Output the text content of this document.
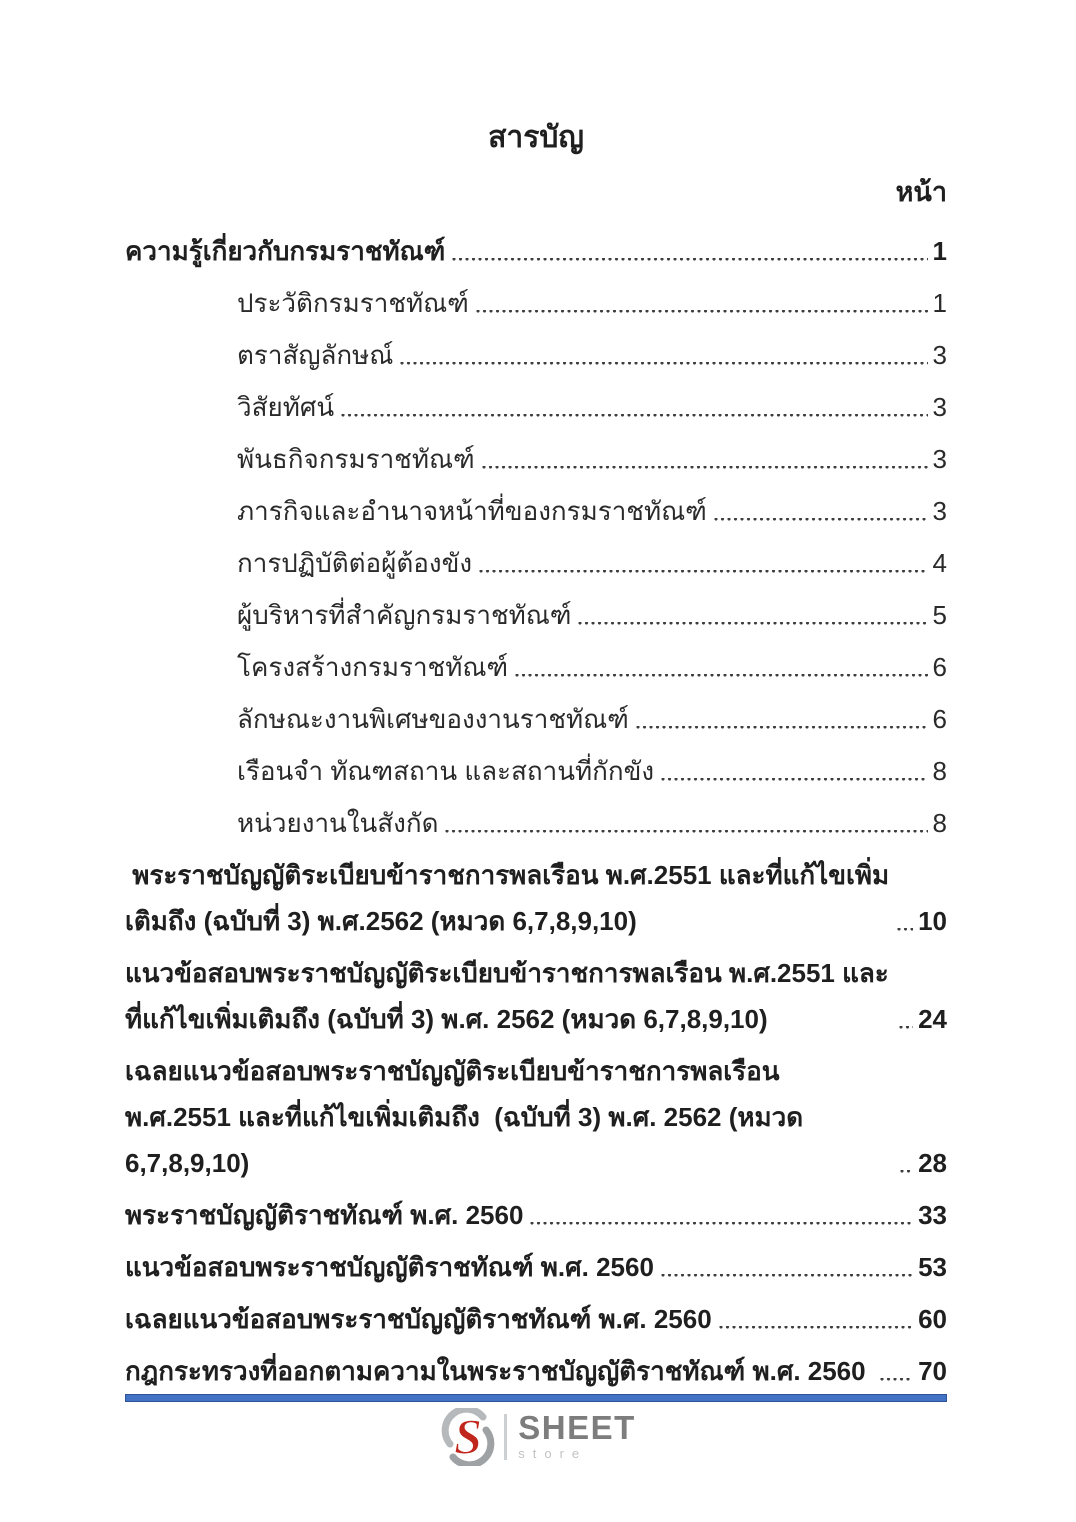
สารบัญ
หน้า
ความรู้เกี่ยวกับกรมราชทัณฑ์	1
ประวัติกรมราชทัณฑ์	1
ตราสัญลักษณ์	3
วิสัยทัศน์	3
พันธกิจกรมราชทัณฑ์	3
ภารกิจและอำนาจหน้าที่ของกรมราชทัณฑ์	3
การปฏิบัติต่อผู้ต้องขัง	4
ผู้บริหารที่สำคัญกรมราชทัณฑ์	5
โครงสร้างกรมราชทัณฑ์	6
ลักษณะงานพิเศษของงานราชทัณฑ์	6
เรือนจำ ทัณฑสถาน และสถานที่กักขัง	8
หน่วยงานในสังกัด	8
พระราชบัญญัติระเบียบข้าราชการพลเรือน พ.ศ.2551 และที่แก้ไขเพิ่มเติมถึง (ฉบับที่ 3) พ.ศ.2562 (หมวด 6,7,8,9,10)	10
แนวข้อสอบพระราชบัญญัติระเบียบข้าราชการพลเรือน พ.ศ.2551 และที่แก้ไขเพิ่มเติมถึง (ฉบับที่ 3) พ.ศ. 2562 (หมวด 6,7,8,9,10)	24
เฉลยแนวข้อสอบพระราชบัญญัติระเบียบข้าราชการพลเรือน พ.ศ.2551 และที่แก้ไขเพิ่มเติมถึง  (ฉบับที่ 3) พ.ศ. 2562 (หมวด 6,7,8,9,10)	28
พระราชบัญญัติราชทัณฑ์ พ.ศ. 2560	33
แนวข้อสอบพระราชบัญญัติราชทัณฑ์ พ.ศ. 2560	53
เฉลยแนวข้อสอบพระราชบัญญัติราชทัณฑ์ พ.ศ. 2560	60
กฎกระทรวงที่ออกตามความในพระราชบัญญัติราชทัณฑ์ พ.ศ. 2560 70
S SHEET
store
